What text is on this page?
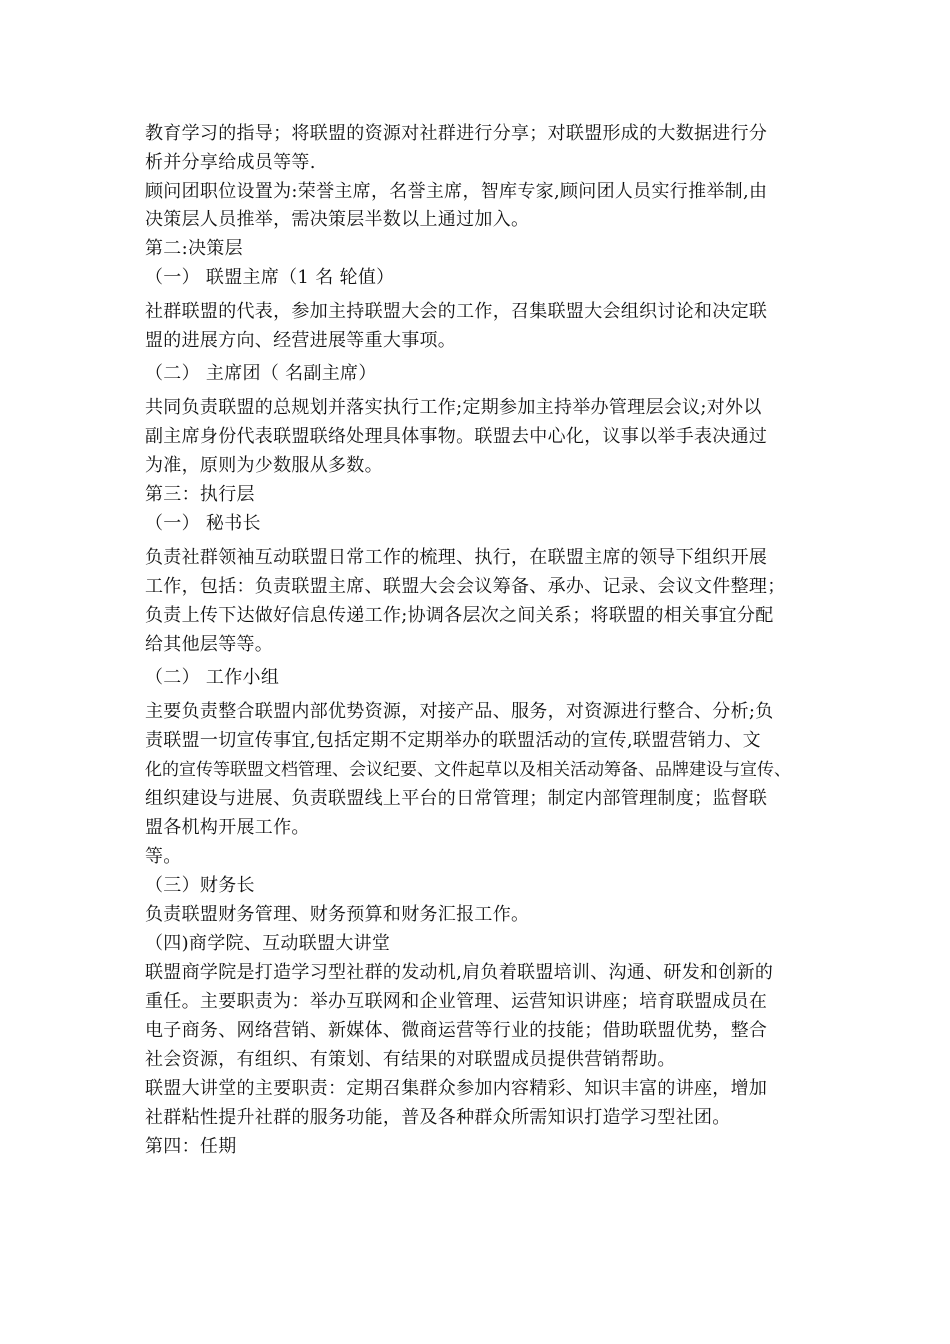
教育学习的指导；将联盟的资源对社群进行分享；对联盟形成的大数据进行分
析并分享给成员等等.
顾问团职位设置为:荣誉主席，名誉主席，智库专家,顾问团人员实行推举制,由
决策层人员推举，需决策层半数以上通过加入。
第二:决策层
（一） 联盟主席（1 名 轮值）
社群联盟的代表，参加主持联盟大会的工作，召集联盟大会组织讨论和决定联
盟的进展方向、经营进展等重大事项。
（二） 主席团（ 名副主席）
共同负责联盟的总规划并落实执行工作;定期参加主持举办管理层会议;对外以
副主席身份代表联盟联络处理具体事物。联盟去中心化，议事以举手表决通过
为准，原则为少数服从多数。
第三：执行层
（一） 秘书长
负责社群领袖互动联盟日常工作的梳理、执行，在联盟主席的领导下组织开展
工作，包括：负责联盟主席、联盟大会会议筹备、承办、记录、会议文件整理；
负责上传下达做好信息传递工作;协调各层次之间关系；将联盟的相关事宜分配
给其他层等等。
（二） 工作小组
主要负责整合联盟内部优势资源，对接产品、服务，对资源进行整合、分析;负
责联盟一切宣传事宜,包括定期不定期举办的联盟活动的宣传,联盟营销力、文
化的宣传等联盟文档管理、会议纪要、文件起草以及相关活动筹备、品牌建设与宣传、
组织建设与进展、负责联盟线上平台的日常管理；制定内部管理制度；监督联
盟各机构开展工作。
等。
（三）财务长
负责联盟财务管理、财务预算和财务汇报工作。
（四)商学院、互动联盟大讲堂
联盟商学院是打造学习型社群的发动机,肩负着联盟培训、沟通、研发和创新的
重任。主要职责为：举办互联网和企业管理、运营知识讲座；培育联盟成员在
电子商务、网络营销、新媒体、微商运营等行业的技能；借助联盟优势，整合
社会资源，有组织、有策划、有结果的对联盟成员提供营销帮助。
联盟大讲堂的主要职责：定期召集群众参加内容精彩、知识丰富的讲座，增加
社群粘性提升社群的服务功能，普及各种群众所需知识打造学习型社团。
第四：任期
